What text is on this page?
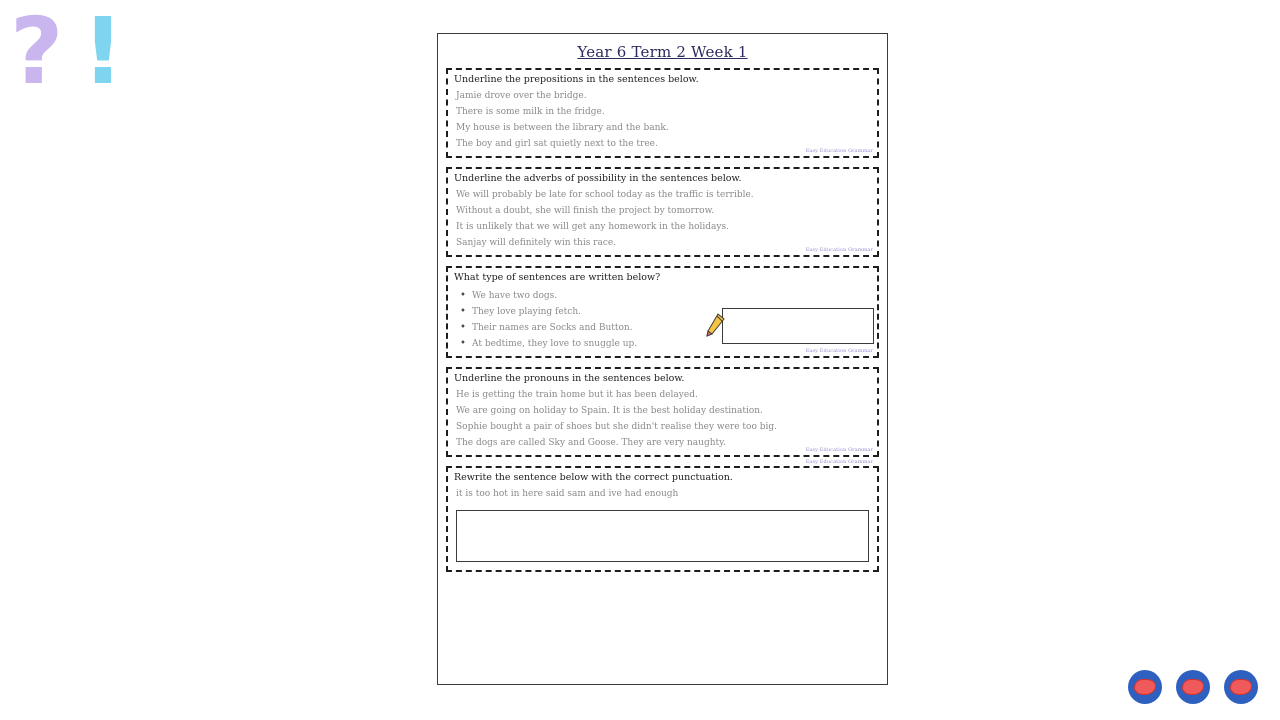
? !	Year 6 Term 2 Week 1
Underline the prepositions in the sentences below.
Jamie drove over the bridge.
There is some milk in the fridge.
My house is between the library and the bank.
The boy and girl sat quietly next to the tree.
Easy Education Grammar
Underline the adverbs of possibility in the sentences below.
We will probably be late for school today as the traffic is terrible.
Without a doubt, she will finish the project by tomorrow.
It is unlikely that we will get any homework in the holidays.
Sanjay will definitely win this race.
Easy Education Grammar
What type of sentences are written below?
• We have two dogs.
• They love playing fetch.
• Their names are Socks and Button.
• At bedtime, they love to snuggle up.
Easy Education Grammar
Underline the pronouns in the sentences below.
He is getting the train home but it has been delayed.
We are going on holiday to Spain. It is the best holiday destination.
Sophie bought a pair of shoes but she didn't realise they were too big.
The dogs are called Sky and Goose. They are very naughty.
Easy Education Grammar
Easy Education Grammar
Rewrite the sentence below with the correct punctuation.
it is too hot in here said sam and ive had enough
